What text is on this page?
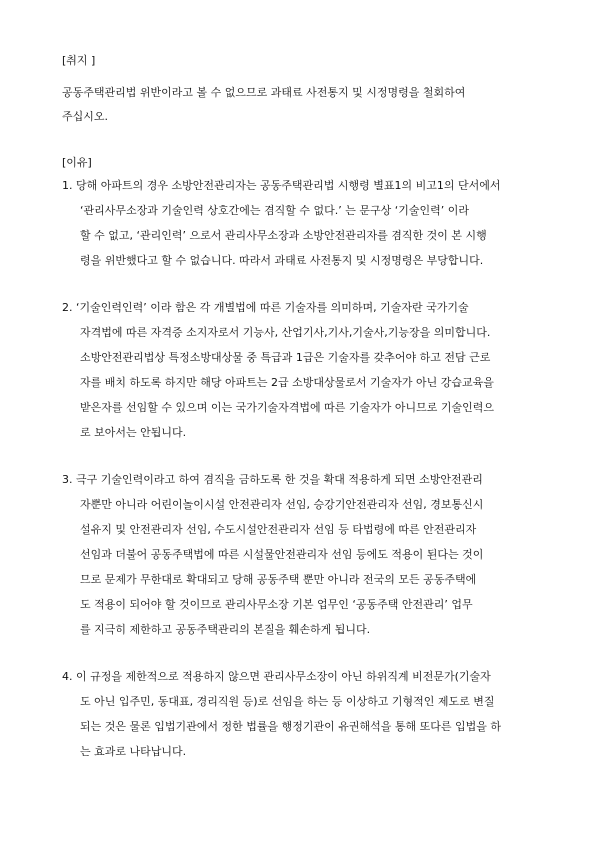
[취지 ]
공동주택관리법 위반이라고 볼 수 없으므로 과태료 사전통지 및 시정명령을 철회하여
주십시오.
[이유]
1. 당해 아파트의 경우 소방안전관리자는 공동주택관리법 시행령 별표1의 비고1의 단서에서
‘관리사무소장과 기술인력 상호간에는 겸직할 수 없다.’ 는 문구상 ‘기술인력’ 이라
할 수 없고, ‘관리인력’ 으로서 관리사무소장과 소방안전관리자를 겸직한 것이 본 시행
령을 위반했다고 할 수 없습니다. 따라서 과태료 사전통지 및 시정명령은 부당합니다.
2. ‘기술인력인력’ 이라 함은 각 개별법에 따른 기술자를 의미하며, 기술자란 국가기술
자격법에 따른 자격증 소지자로서 기능사, 산업기사,기사,기술사,기능장을 의미합니다.
소방안전관리법상 특정소방대상물 중 특급과 1급은 기술자를 갖추어야 하고 전담 근로
자를 배치 하도록 하지만 해당 아파트는 2급 소방대상물로서 기술자가 아닌 강습교육을
받은자를 선임할 수 있으며 이는 국가기술자격법에 따른 기술자가 아니므로 기술인력으
로 보아서는 안됩니다.
3. 극구 기술인력이라고 하여 겸직을 금하도록 한 것을 확대 적용하게 되면 소방안전관리
자뿐만 아니라 어린이놀이시설 안전관리자 선임, 승강기안전관리자 선임, 경보통신시
설유지 및 안전관리자 선임, 수도시설안전관리자 선임 등 타법령에 따른 안전관리자
선임과 더불어 공동주택법에 따른 시설물안전관리자 선임 등에도 적용이 된다는 것이
므로 문제가 무한대로 확대되고 당해 공동주택 뿐만 아니라 전국의 모든 공동주택에
도 적용이 되어야 할 것이므로 관리사무소장 기본 업무인 ‘공동주택 안전관리’ 업무
를 지극히 제한하고 공동주택관리의 본질을 훼손하게 됩니다.
4. 이 규정을 제한적으로 적용하지 않으면 관리사무소장이 아닌 하위직계 비전문가(기술자
도 아닌 입주민, 동대표, 경리직원 등)로 선임을 하는 등 이상하고 기형적인 제도로 변질
되는 것은 물론 입법기관에서 정한 법률을 행정기관이 유권해석을 통해 또다른 입법을 하
는 효과로 나타납니다.
